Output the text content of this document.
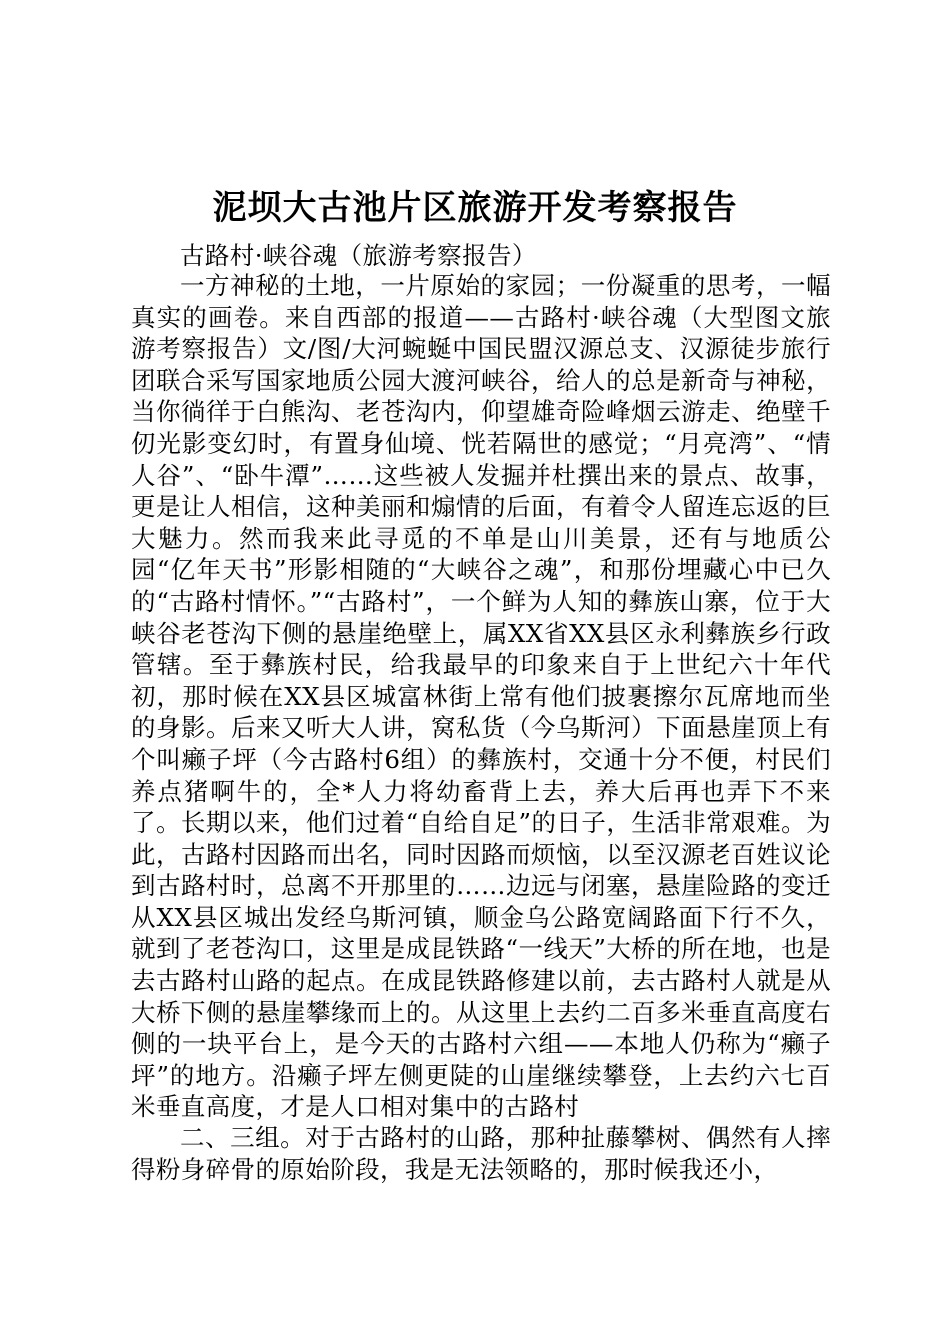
泥坝大古池片区旅游开发考察报告
古路村·峡谷魂（旅游考察报告）
一方神秘的土地，一片原始的家园；一份凝重的思考，一幅真实的画卷。来自西部的报道——古路村·峡谷魂（大型图文旅游考察报告）文/图/大河蜿蜒中国民盟汉源总支、汉源徒步旅行团联合采写国家地质公园大渡河峡谷，给人的总是新奇与神秘，当你徜徉于白熊沟、老苍沟内，仰望雄奇险峰烟云游走、绝壁千仞光影变幻时，有置身仙境、恍若隔世的感觉；“月亮湾”、“情人谷”、“卧牛潭”……这些被人发掘并杜撰出来的景点、故事，更是让人相信，这种美丽和煽情的后面，有着令人留连忘返的巨大魅力。然而我来此寻觅的不单是山川美景，还有与地质公园“亿年天书”形影相随的“大峡谷之魂”，和那份埋藏心中已久的“古路村情怀。”“古路村”，一个鲜为人知的彝族山寨，位于大峡谷老苍沟下侧的悬崖绝壁上，属XX省XX县区永利彝族乡行政管辖。至于彝族村民，给我最早的印象来自于上世纪六十年代初，那时候在XX县区城富林街上常有他们披裹擦尔瓦席地而坐的身影。后来又听大人讲，窝私货（今乌斯河）下面悬崖顶上有个叫癞子坪（今古路村6组）的彝族村，交通十分不便，村民们养点猪啊牛的，全*人力将幼畜背上去，养大后再也弄下不来了。长期以来，他们过着“自给自足”的日子，生活非常艰难。为此，古路村因路而出名，同时因路而烦恼，以至汉源老百姓议论到古路村时，总离不开那里的……边远与闭塞，悬崖险路的变迁从XX县区城出发经乌斯河镇，顺金乌公路宽阔路面下行不久，就到了老苍沟口，这里是成昆铁路“一线天”大桥的所在地，也是去古路村山路的起点。在成昆铁路修建以前，去古路村人就是从大桥下侧的悬崖攀缘而上的。从这里上去约二百多米垂直高度右侧的一块平台上，是今天的古路村六组——本地人仍称为“癞子坪”的地方。沿癞子坪左侧更陡的山崖继续攀登，上去约六七百米垂直高度，才是人口相对集中的古路村
二、三组。对于古路村的山路，那种扯藤攀树、偶然有人摔得粉身碎骨的原始阶段，我是无法领略的，那时候我还小，
